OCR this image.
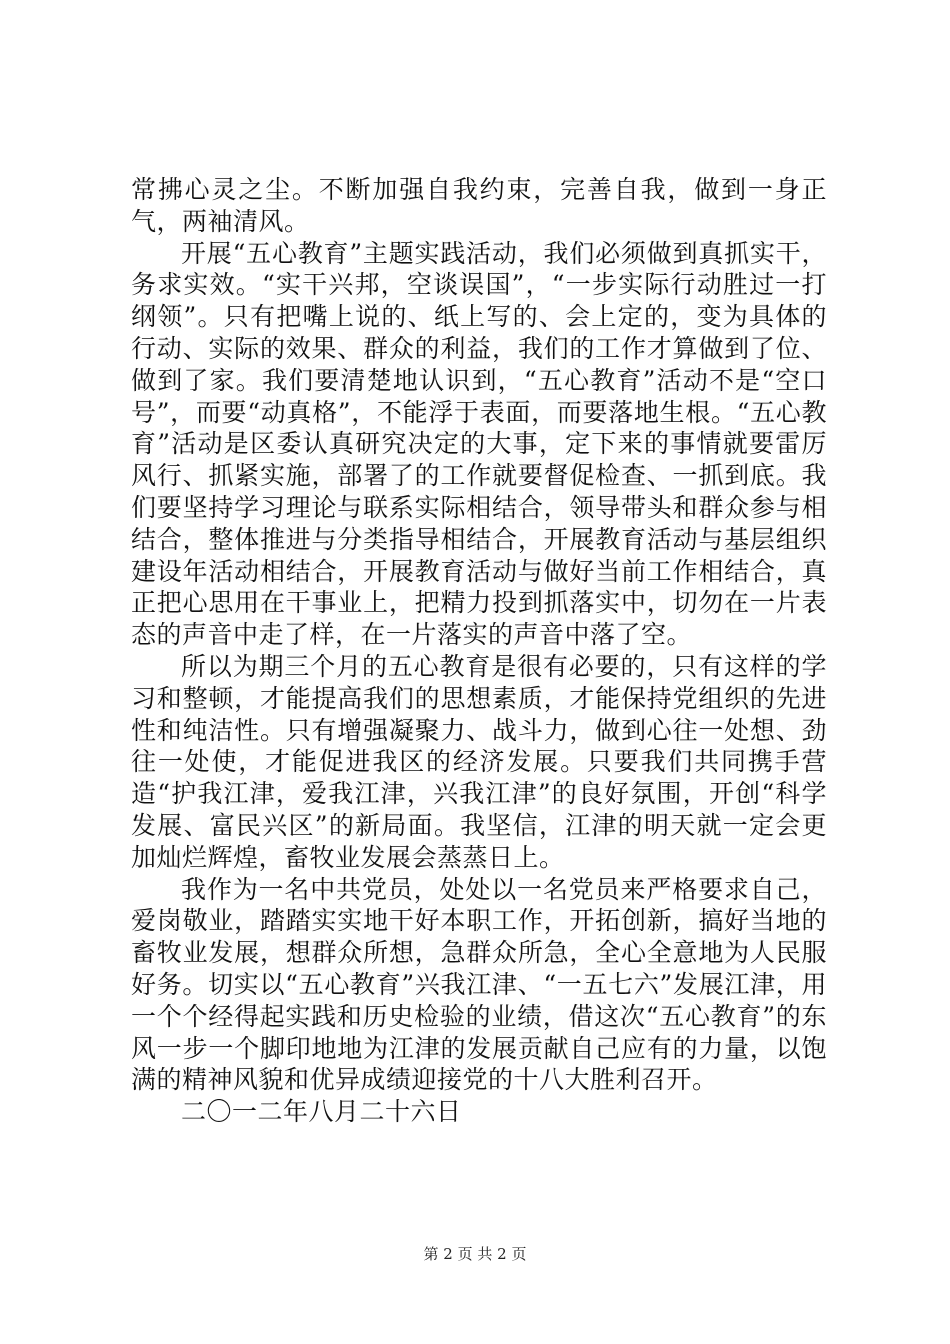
常拂心灵之尘。不断加强自我约束，完善自我，做到一身正气，两袖清风。

开展“五心教育”主题实践活动，我们必须做到真抓实干，务求实效。“实干兴邦，空谈误国”，“一步实际行动胜过一打纲领”。只有把嘴上说的、纸上写的、会上定的，变为具体的行动、实际的效果、群众的利益，我们的工作才算做到了位、做到了家。我们要清楚地认识到，“五心教育”活动不是“空口号”，而要“动真格”，不能浮于表面，而要落地生根。“五心教育”活动是区委认真研究决定的大事，定下来的事情就要雷厉风行、抓紧实施，部署了的工作就要督促检查、一抓到底。我们要坚持学习理论与联系实际相结合，领导带头和群众参与相结合，整体推进与分类指导相结合，开展教育活动与基层组织建设年活动相结合，开展教育活动与做好当前工作相结合，真正把心思用在干事业上，把精力投到抓落实中，切勿在一片表态的声音中走了样，在一片落实的声音中落了空。

所以为期三个月的五心教育是很有必要的，只有这样的学习和整顿，才能提高我们的思想素质，才能保持党组织的先进性和纯洁性。只有增强凝聚力、战斗力，做到心往一处想、劲往一处使，才能促进我区的经济发展。只要我们共同携手营造“护我江津，爱我江津，兴我江津”的良好氛围，开创“科学发展、富民兴区”的新局面。我坚信，江津的明天就一定会更加灿烂辉煌，畜牧业发展会蒸蒸日上。

我作为一名中共党员，处处以一名党员来严格要求自己，爱岗敬业，踏踏实实地干好本职工作，开拓创新，搞好当地的畜牧业发展，想群众所想，急群众所急，全心全意地为人民服好务。切实以“五心教育”兴我江津、“一五七六”发展江津，用一个个经得起实践和历史检验的业绩，借这次“五心教育”的东风一步一个脚印地地为江津的发展贡献自己应有的力量，以饱满的精神风貌和优异成绩迎接党的十八大胜利召开。

二〇一二年八月二十六日

第 2 页 共 2 页
